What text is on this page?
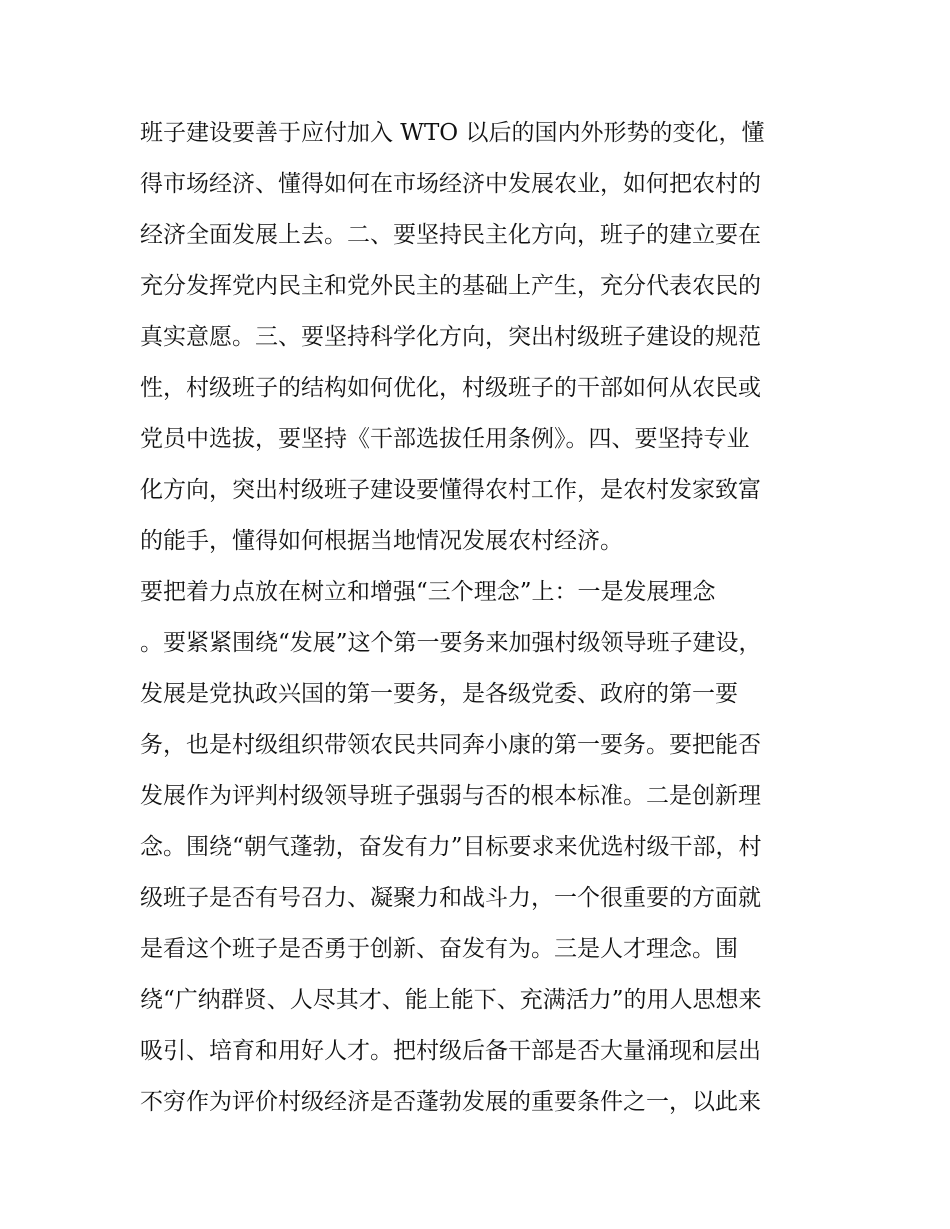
班子建设要善于应付加入 WTO 以后的国内外形势的变化，懂
得市场经济、懂得如何在市场经济中发展农业，如何把农村的
经济全面发展上去。二、要坚持民主化方向，班子的建立要在
充分发挥党内民主和党外民主的基础上产生，充分代表农民的
真实意愿。三、要坚持科学化方向，突出村级班子建设的规范
性，村级班子的结构如何优化，村级班子的干部如何从农民或
党员中选拔，要坚持《干部选拔任用条例》。四、要坚持专业
化方向，突出村级班子建设要懂得农村工作，是农村发家致富
的能手，懂得如何根据当地情况发展农村经济。
要把着力点放在树立和增强“三个理念”上：一是发展理念
。要紧紧围绕“发展”这个第一要务来加强村级领导班子建设，
发展是党执政兴国的第一要务，是各级党委、政府的第一要
务，也是村级组织带领农民共同奔小康的第一要务。要把能否
发展作为评判村级领导班子强弱与否的根本标准。二是创新理
念。围绕“朝气蓬勃，奋发有力”目标要求来优选村级干部，村
级班子是否有号召力、凝聚力和战斗力，一个很重要的方面就
是看这个班子是否勇于创新、奋发有为。三是人才理念。围
绕“广纳群贤、人尽其才、能上能下、充满活力”的用人思想来
吸引、培育和用好人才。把村级后备干部是否大量涌现和层出
不穷作为评价村级经济是否蓬勃发展的重要条件之一，以此来
